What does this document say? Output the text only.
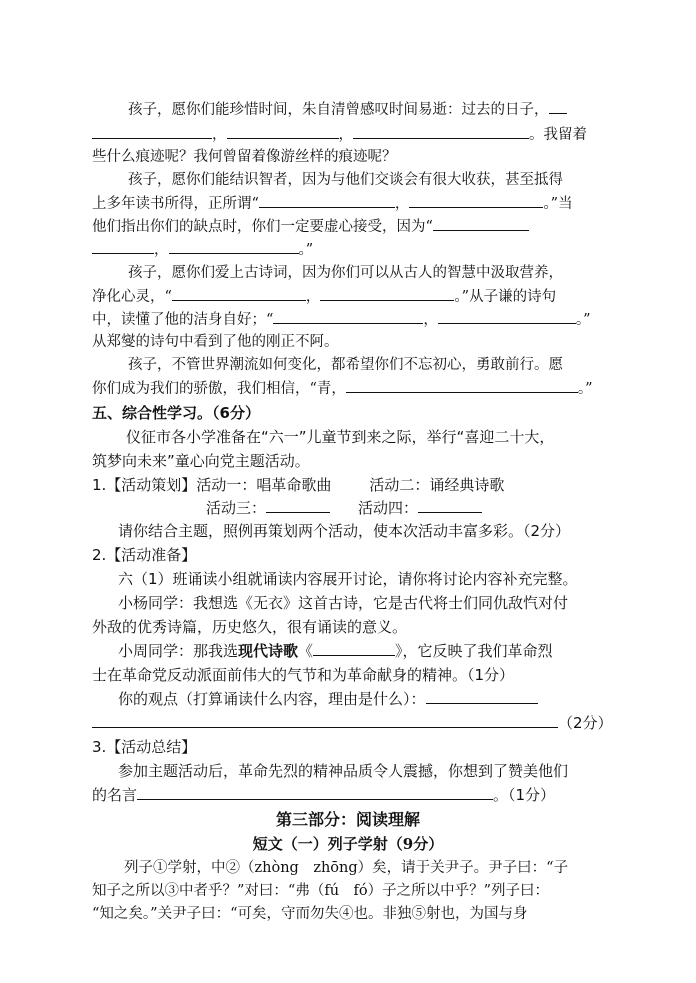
孩子，愿你们能珍惜时间，朱自清曾感叹时间易逝：过去的日子，
，	，	。我留着
些什么痕迹呢？我何曾留着像游丝样的痕迹呢？
孩子，愿你们能结识智者，因为与他们交谈会有很大收获，甚至抵得
上多年读书所得，正所谓“	，	。”当
他们指出你们的缺点时，你们一定要虚心接受，因为“
，	。”
孩子，愿你们爱上古诗词，因为你们可以从古人的智慧中汲取营养，
净化心灵，“	，	。”从子谦的诗句
中，读懂了他的洁身自好；“	，	。”
从郑燮的诗句中看到了他的刚正不阿。
孩子，不管世界潮流如何变化，都希望你们不忘初心，勇敢前行。愿
你们成为我们的骄傲，我们相信，“青，	。”
五、综合性学习。（6分）
仪征市各小学准备在“六一”儿童节到来之际，举行“喜迎二十大，
筑梦向未来”童心向党主题活动。
1.【活动策划】活动一：唱革命歌曲	活动二：诵经典诗歌
活动三：	活动四：
请你结合主题，照例再策划两个活动，使本次活动丰富多彩。（2分）
2.【活动准备】
六（1）班诵读小组就诵读内容展开讨论，请你将讨论内容补充完整。
小杨同学：我想选《无衣》这首古诗，它是古代将士们同仇敌忾对付
外敌的优秀诗篇，历史悠久，很有诵读的意义。
小周同学：那我选现代诗歌《	》，它反映了我们革命烈
士在革命党反动派面前伟大的气节和为革命献身的精神。（1分）
你的观点（打算诵读什么内容，理由是什么）：
（2分）
3.【活动总结】
参加主题活动后，革命先烈的精神品质令人震撼，你想到了赞美他们
的名言	。（1分）
第三部分：阅读理解
短文（一）列子学射（9分）
列子①学射，中②（zhòng　zhōng）矣，请于关尹子。尹子曰：“子
知子之所以③中者乎？”对曰：“弗（fú　fó）子之所以中乎？”列子曰：
“知之矣。”关尹子曰：“可矣，守而勿失④也。非独⑤射也，为国与身
